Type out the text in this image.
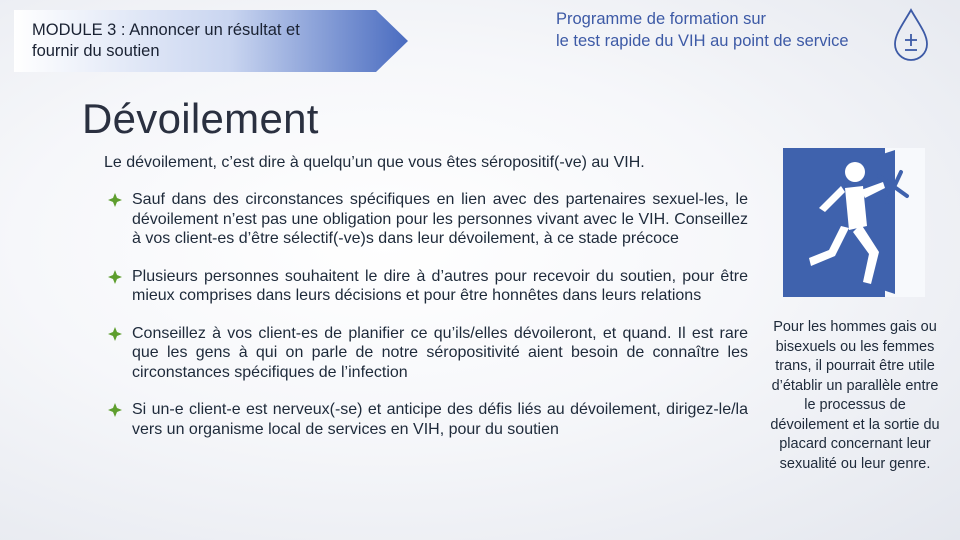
MODULE 3 : Annoncer un résultat et
fournir du soutien
Programme de formation sur
le test rapide du VIH au point de service
Dévoilement

Le dévoilement, c’est dire à quelqu’un que vous êtes séropositif(-ve) au VIH.

Sauf dans des circonstances spécifiques en lien avec des partenaires sexuel-les, le dévoilement n’est pas une obligation pour les personnes vivant avec le VIH. Conseillez à vos client-es d’être sélectif(-ve)s dans leur dévoilement, à ce stade précoce
Plusieurs personnes souhaitent le dire à d’autres pour recevoir du soutien, pour être mieux comprises dans leurs décisions et pour être honnêtes dans leurs relations
Conseillez à vos client-es de planifier ce qu’ils/elles dévoileront, et quand. Il est rare que les gens à qui on parle de notre séropositivité aient besoin de connaître les circonstances spécifiques de l’infection
Si un-e client-e est nerveux(-se) et anticipe des défis liés au dévoilement, dirigez-le/la vers un organisme local de services en VIH, pour du soutien

Pour les hommes gais ou bisexuels ou les femmes trans, il pourrait être utile d’établir un parallèle entre le processus de dévoilement et la sortie du placard concernant leur sexualité ou leur genre.
